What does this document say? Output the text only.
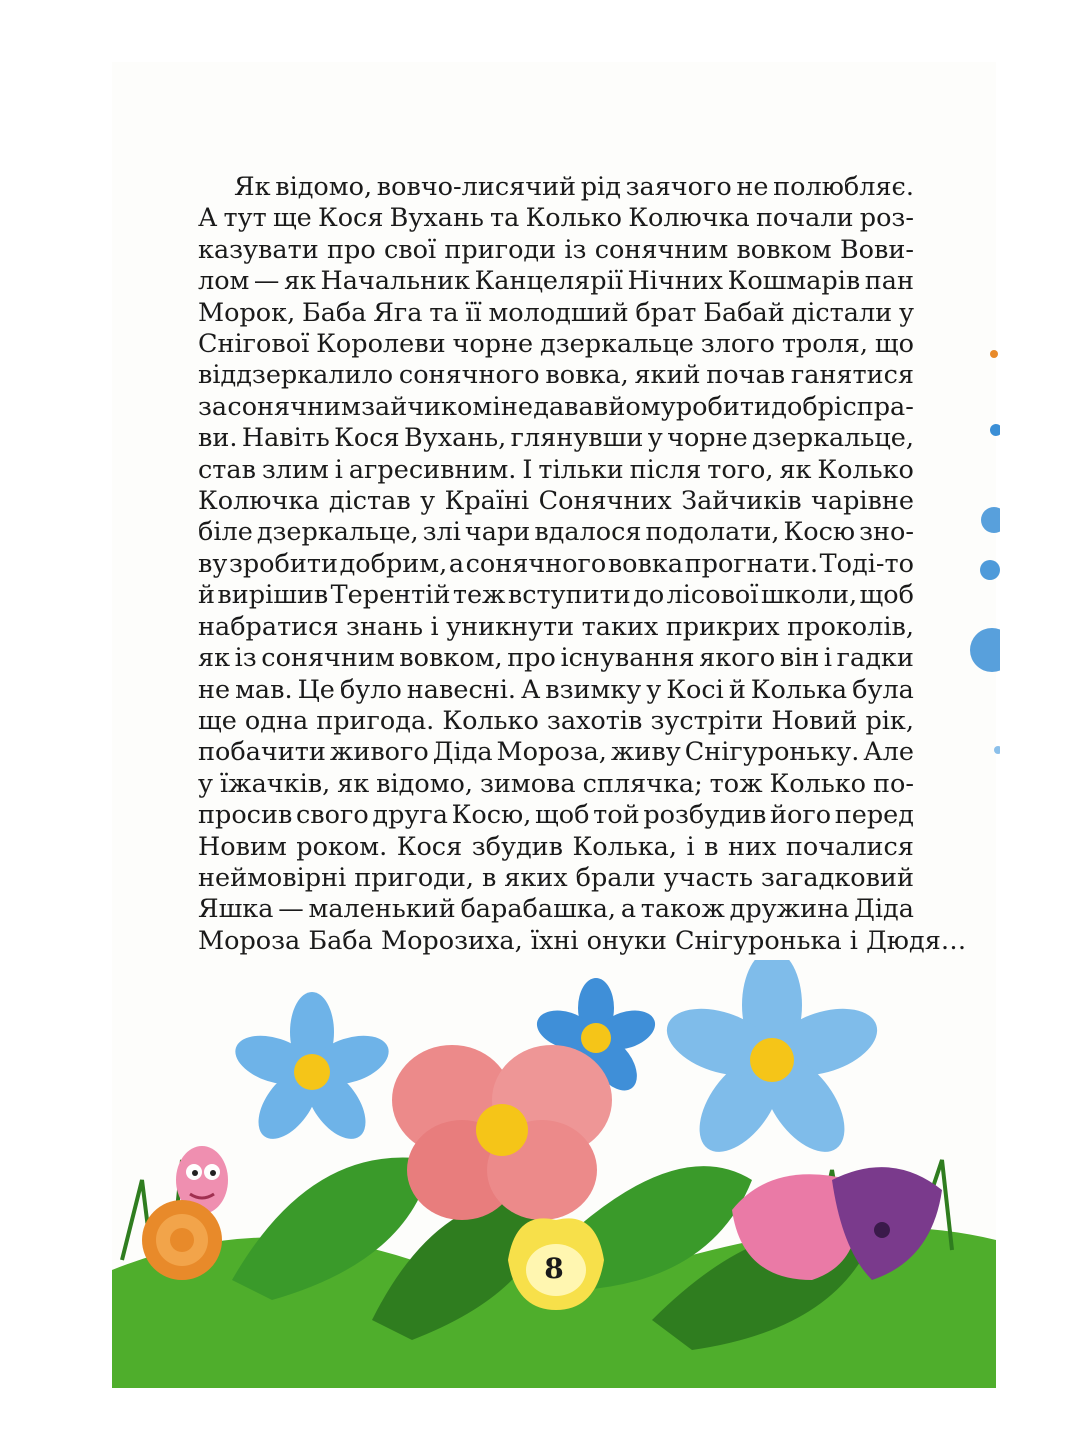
Як відомо, вовчо-лисячий рід заячого не полюбляє.
А тут ще Кося Вухань та Колько Колючка почали роз-
казувати про свої пригоди із сонячним вовком Вови-
лом — як Начальник Канцелярії Нічних Кошмарів пан
Морок, Баба Яга та її молодший брат Бабай дістали у
Снігової Королеви чорне дзеркальце злого троля, що
віддзеркалило сонячного вовка, який почав ганятися
за сонячним зайчиком і не давав йому робити добрі спра-
ви. Навіть Кося Вухань, глянувши у чорне дзеркальце,
став злим і агресивним. І тільки після того, як Колько
Колючка дістав у Країні Сонячних Зайчиків чарівне
біле дзеркальце, злі чари вдалося подолати, Косю зно-
ву зробити добрим, а сонячного вовка прогнати. Тоді-то
й вирішив Терентій теж вступити до лісової школи, щоб
набратися знань і уникнути таких прикрих проколів,
як із сонячним вовком, про існування якого він і гадки
не мав. Це було навесні. А взимку у Косі й Колька була
ще одна пригода. Колько захотів зустріти Новий рік,
побачити живого Діда Мороза, живу Снігуроньку. Але
у їжачків, як відомо, зимова сплячка; тож Колько по-
просив свого друга Косю, щоб той розбудив його перед
Новим роком. Кося збудив Колька, і в них почалися
неймовірні пригоди, в яких брали участь загадковий
Яшка — маленький барабашка, а також дружина Діда
Мороза Баба Морозиха, їхні онуки Снігуронька і Дюдя…
8
